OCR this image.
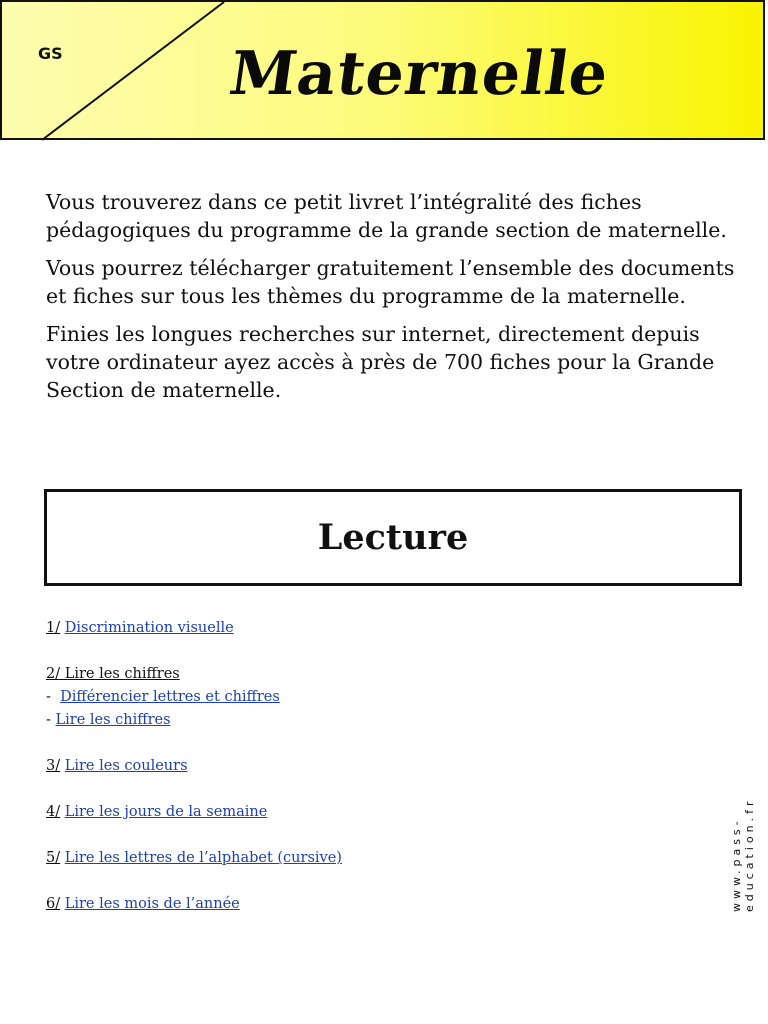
GS	Maternelle

Vous trouverez dans ce petit livret l’intégralité des fiches pédagogiques du programme de la grande section de maternelle.

Vous pourrez télécharger gratuitement l’ensemble des documents et fiches sur tous les thèmes du programme de la maternelle.

Finies les longues recherches sur internet, directement depuis votre ordinateur ayez accès à près de 700 fiches pour la Grande Section de maternelle.

Lecture
1/ Discrimination visuelle
2/ Lire les chiffres
- Différencier lettres et chiffres
- Lire les chiffres
3/ Lire les couleurs
4/ Lire les jours de la semaine
5/ Lire les lettres de l’alphabet (cursive)
6/ Lire les mois de l’année	www.pass-education.fr
